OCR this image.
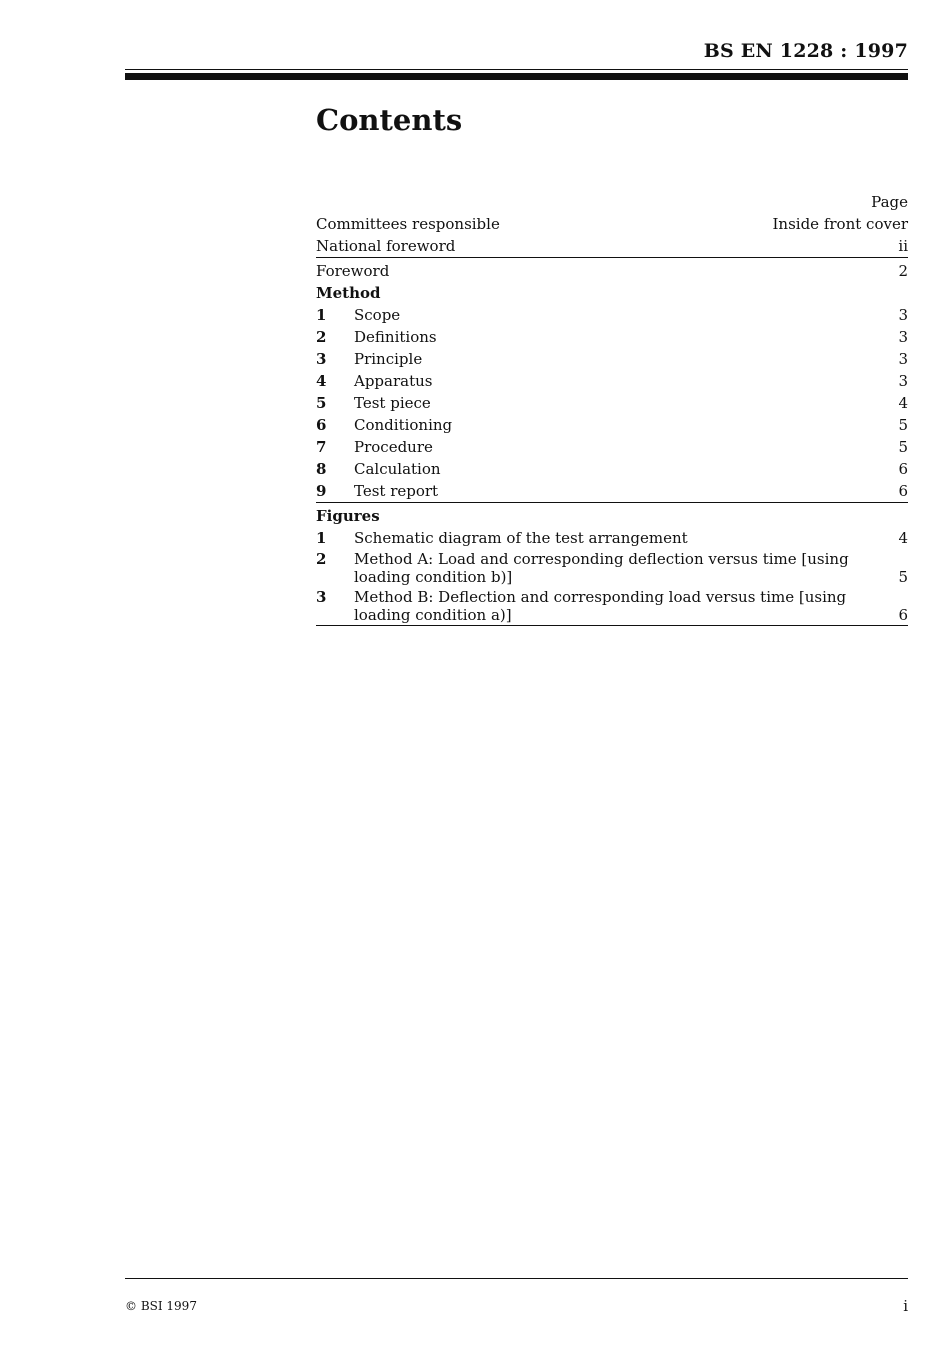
BS EN 1228 : 1997
Contents
Page
Committees responsible	Inside front cover
National foreword	ii
Foreword	2
Method
1	Scope	3
2	Definitions	3
3	Principle	3
4	Apparatus	3
5	Test piece	4
6	Conditioning	5
7	Procedure	5
8	Calculation	6
9	Test report	6
Figures
1	Schematic diagram of the test arrangement	4
2	Method A: Load and corresponding deflection versus time [using loading condition b)]	5
3	Method B: Deflection and corresponding load versus time [using loading condition a)]	6
© BSI 1997	i
